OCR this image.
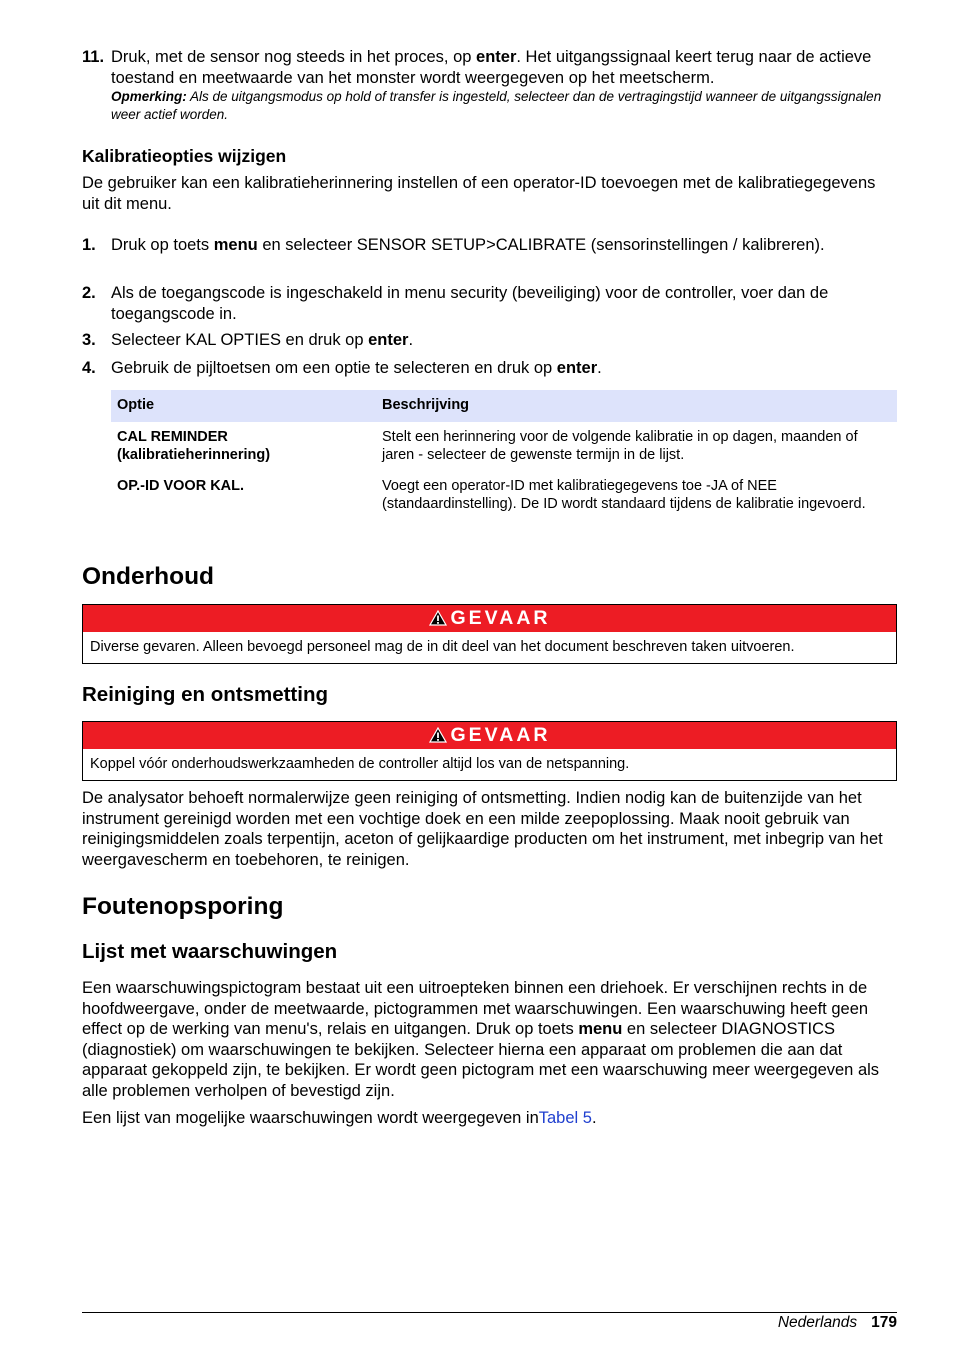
11. Druk, met de sensor nog steeds in het proces, op enter. Het uitgangssignaal keert terug naar de actieve toestand en meetwaarde van het monster wordt weergegeven op het meetscherm.
Opmerking: Als de uitgangsmodus op hold of transfer is ingesteld, selecteer dan de vertragingstijd wanneer de uitgangssignalen weer actief worden.
Kalibratieopties wijzigen
De gebruiker kan een kalibratieherinnering instellen of een operator-ID toevoegen met de kalibratiegegevens uit dit menu.
1. Druk op toets menu en selecteer SENSOR SETUP>CALIBRATE (sensorinstellingen / kalibreren).
2. Als de toegangscode is ingeschakeld in menu security (beveiliging) voor de controller, voer dan de toegangscode in.
3. Selecteer KAL OPTIES en druk op enter.
4. Gebruik de pijltoetsen om een optie te selecteren en druk op enter.
Optie	Beschrijving
CAL REMINDER (kalibratieherinnering)	Stelt een herinnering voor de volgende kalibratie in op dagen, maanden of jaren - selecteer de gewenste termijn in de lijst.
OP.-ID VOOR KAL.	Voegt een operator-ID met kalibratiegegevens toe -JA of NEE (standaardinstelling). De ID wordt standaard tijdens de kalibratie ingevoerd.
Onderhoud
GEVAAR
Diverse gevaren. Alleen bevoegd personeel mag de in dit deel van het document beschreven taken uitvoeren.
Reiniging en ontsmetting
GEVAAR
Koppel vóór onderhoudswerkzaamheden de controller altijd los van de netspanning.
De analysator behoeft normalerwijze geen reiniging of ontsmetting. Indien nodig kan de buitenzijde van het instrument gereinigd worden met een vochtige doek en een milde zeepoplossing. Maak nooit gebruik van reinigingsmiddelen zoals terpentijn, aceton of gelijkaardige producten om het instrument, met inbegrip van het weergavescherm en toebehoren, te reinigen.
Foutenopsporing
Lijst met waarschuwingen
Een waarschuwingspictogram bestaat uit een uitroepteken binnen een driehoek. Er verschijnen rechts in de hoofdweergave, onder de meetwaarde, pictogrammen met waarschuwingen. Een waarschuwing heeft geen effect op de werking van menu's, relais en uitgangen. Druk op toets menu en selecteer DIAGNOSTICS (diagnostiek) om waarschuwingen te bekijken. Selecteer hierna een apparaat om problemen die aan dat apparaat gekoppeld zijn, te bekijken. Er wordt geen pictogram met een waarschuwing meer weergegeven als alle problemen verholpen of bevestigd zijn.
Een lijst van mogelijke waarschuwingen wordt weergegeven inTabel 5.
Nederlands 179
